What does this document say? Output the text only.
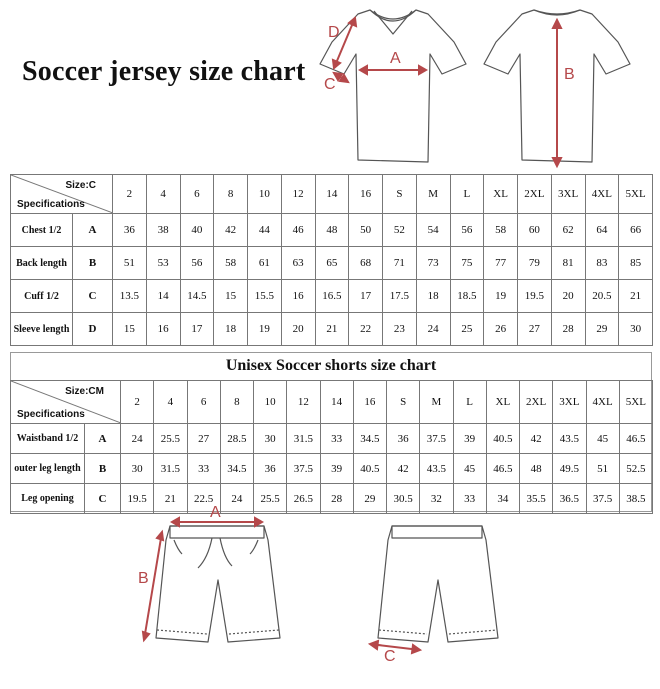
Soccer jersey size chart	A
D
C
B
Size:C
Specifications		2	4	6	8	10	12	14	16	S	M	L	XL	2XL	3XL	4XL	5XL
Chest 1/2	A	36	38	40	42	44	46	48	50	52	54	56	58	60	62	64	66
Back length	B	51	53	56	58	61	63	65	68	71	73	75	77	79	81	83	85
Cuff 1/2	C	13.5	14	14.5	15	15.5	16	16.5	17	17.5	18	18.5	19	19.5	20	20.5	21
Sleeve length	D	15	16	17	18	19	20	21	22	23	24	25	26	27	28	29	30
Unisex Soccer shorts size chart
Size:CM
Specifications		2	4	6	8	10	12	14	16	S	M	L	XL	2XL	3XL	4XL	5XL
Waistband 1/2	A	24	25.5	27	28.5	30	31.5	33	34.5	36	37.5	39	40.5	42	43.5	45	46.5
outer leg length	B	30	31.5	33	34.5	36	37.5	39	40.5	42	43.5	45	46.5	48	49.5	51	52.5
Leg opening	C	19.5	21	22.5	24	25.5	26.5	28	29	30.5	32	33	34	35.5	36.5	37.5	38.5
A
B
C
